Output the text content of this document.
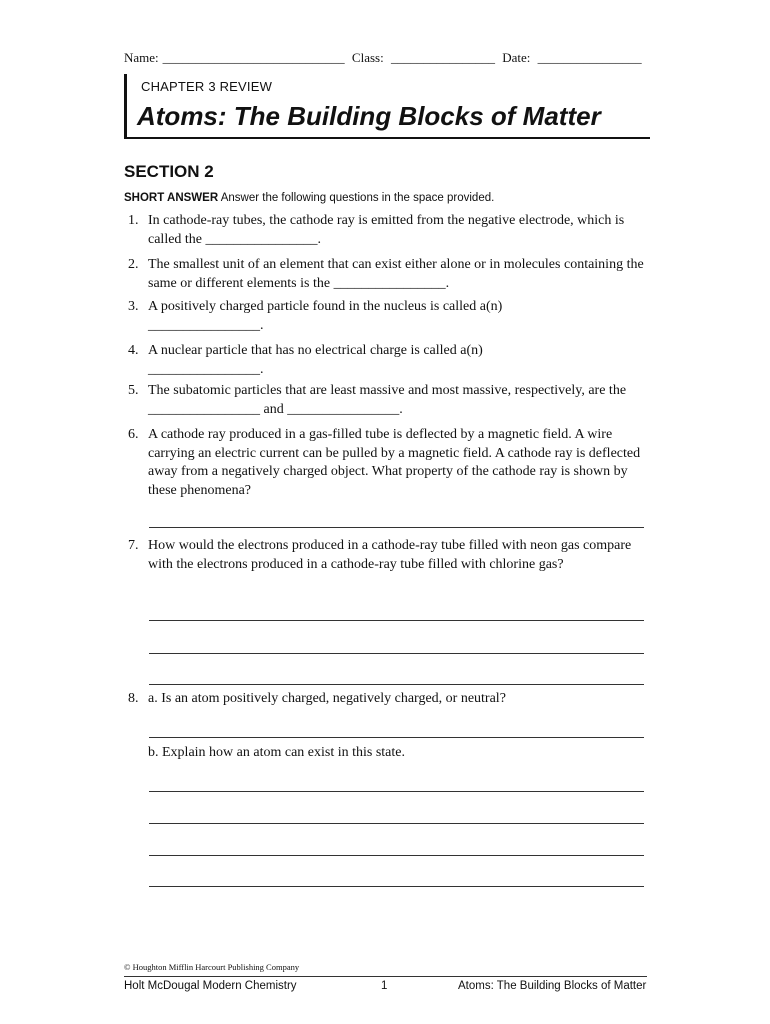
Name: ____________________________ Class: ________________ Date: ________________
CHAPTER 3 REVIEW
Atoms: The Building Blocks of Matter
SECTION 2
SHORT ANSWER Answer the following questions in the space provided.
1. In cathode-ray tubes, the cathode ray is emitted from the negative electrode, which is called the ________________.
2. The smallest unit of an element that can exist either alone or in molecules containing the same or different elements is the ________________.
3. A positively charged particle found in the nucleus is called a(n) ________________.
4. A nuclear particle that has no electrical charge is called a(n) ________________.
5. The subatomic particles that are least massive and most massive, respectively, are the ________________ and ________________.
6. A cathode ray produced in a gas-filled tube is deflected by a magnetic field. A wire carrying an electric current can be pulled by a magnetic field. A cathode ray is deflected away from a negatively charged object. What property of the cathode ray is shown by these phenomena?
7. How would the electrons produced in a cathode-ray tube filled with neon gas compare with the electrons produced in a cathode-ray tube filled with chlorine gas?
8. a. Is an atom positively charged, negatively charged, or neutral?
b. Explain how an atom can exist in this state.
© Houghton Mifflin Harcourt Publishing Company
Holt McDougal Modern Chemistry	1	Atoms: The Building Blocks of Matter
